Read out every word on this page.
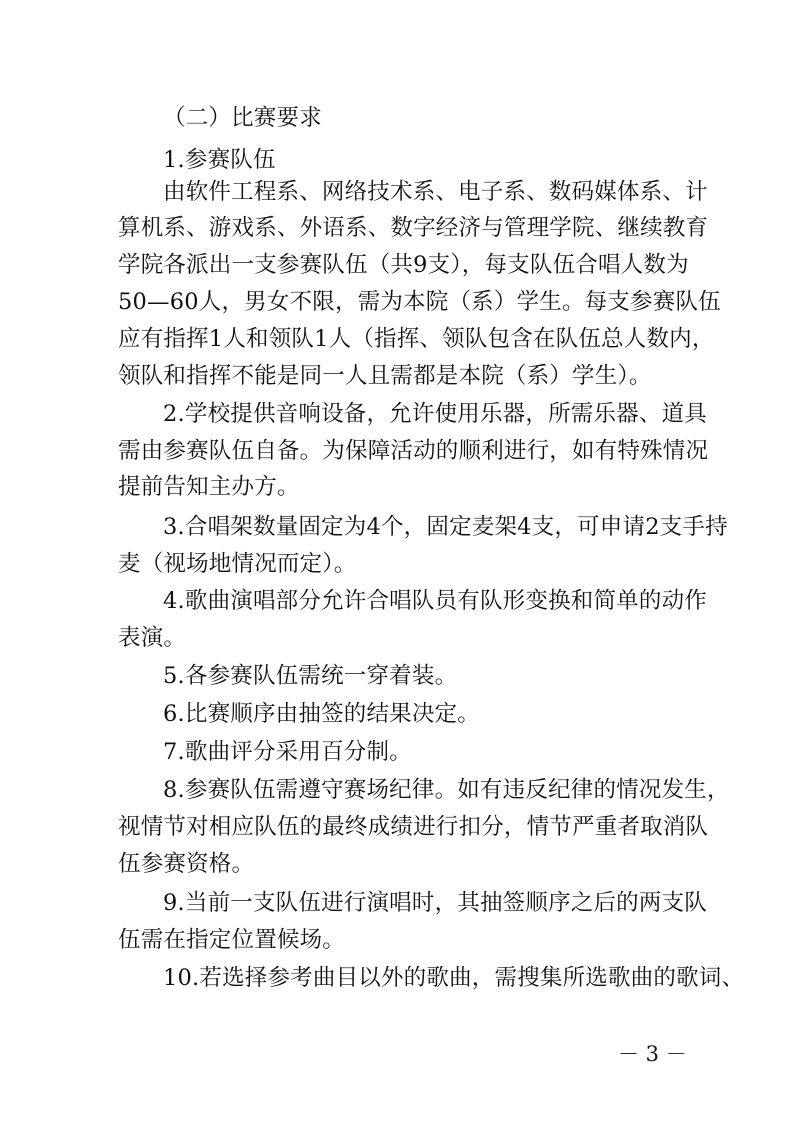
（二）比赛要求
1.参赛队伍
由软件工程系、网络技术系、电子系、数码媒体系、计
算机系、游戏系、外语系、数字经济与管理学院、继续教育
学院各派出一支参赛队伍（共9支），每支队伍合唱人数为
50—60人，男女不限，需为本院（系）学生。每支参赛队伍
应有指挥1人和领队1人（指挥、领队包含在队伍总人数内，
领队和指挥不能是同一人且需都是本院（系）学生）。
2.学校提供音响设备，允许使用乐器，所需乐器、道具
需由参赛队伍自备。为保障活动的顺利进行，如有特殊情况
提前告知主办方。
3.合唱架数量固定为4个，固定麦架4支，可申请2支手持
麦（视场地情况而定）。
4.歌曲演唱部分允许合唱队员有队形变换和简单的动作
表演。
5.各参赛队伍需统一穿着装。
6.比赛顺序由抽签的结果决定。
7.歌曲评分采用百分制。
8.参赛队伍需遵守赛场纪律。如有违反纪律的情况发生，
视情节对相应队伍的最终成绩进行扣分，情节严重者取消队
伍参赛资格。
9.当前一支队伍进行演唱时，其抽签顺序之后的两支队
伍需在指定位置候场。
10.若选择参考曲目以外的歌曲，需搜集所选歌曲的歌词、
－ 3 －
